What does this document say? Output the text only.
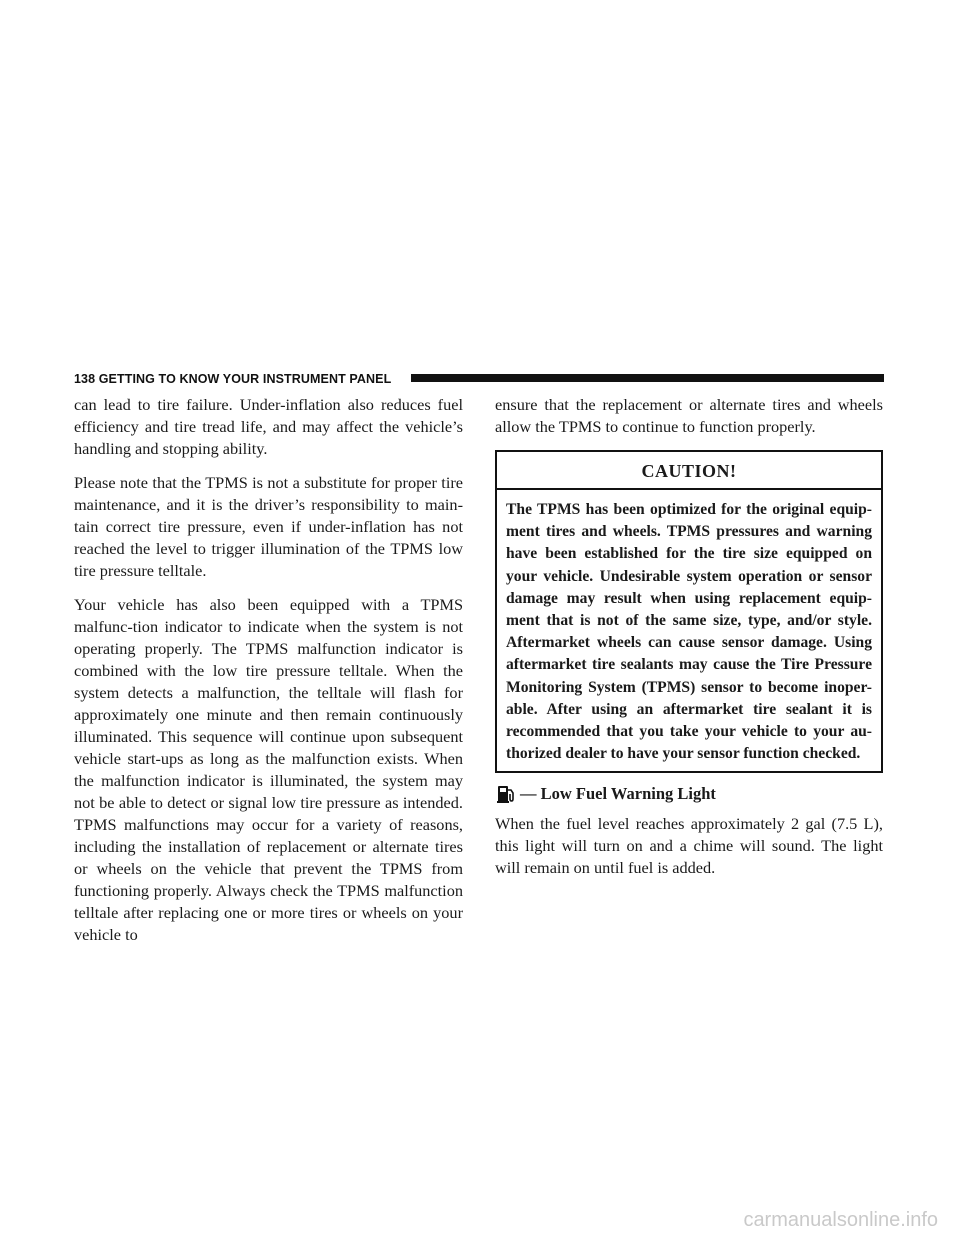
138 GETTING TO KNOW YOUR INSTRUMENT PANEL

can lead to tire failure. Under-inflation also reduces fuel efficiency and tire tread life, and may affect the vehicle’s handling and stopping ability.

Please note that the TPMS is not a substitute for proper tire maintenance, and it is the driver’s responsibility to main-tain correct tire pressure, even if under-inflation has not reached the level to trigger illumination of the TPMS low tire pressure telltale.

Your vehicle has also been equipped with a TPMS malfunc-tion indicator to indicate when the system is not operating properly. The TPMS malfunction indicator is combined with the low tire pressure telltale. When the system detects a malfunction, the telltale will flash for approximately one minute and then remain continuously illuminated. This sequence will continue upon subsequent vehicle start-ups as long as the malfunction exists. When the malfunction indicator is illuminated, the system may not be able to detect or signal low tire pressure as intended. TPMS malfunctions may occur for a variety of reasons, including the installation of replacement or alternate tires or wheels on the vehicle that prevent the TPMS from functioning properly. Always check the TPMS malfunction telltale after replacing one or more tires or wheels on your vehicle to

ensure that the replacement or alternate tires and wheels allow the TPMS to continue to function properly.

CAUTION!
The TPMS has been optimized for the original equip-ment tires and wheels. TPMS pressures and warning have been established for the tire size equipped on your vehicle. Undesirable system operation or sensor damage may result when using replacement equip-ment that is not of the same size, type, and/or style. Aftermarket wheels can cause sensor damage. Using aftermarket tire sealants may cause the Tire Pressure Monitoring System (TPMS) sensor to become inoper-able. After using an aftermarket tire sealant it is recommended that you take your vehicle to your au-thorized dealer to have your sensor function checked.
— Low Fuel Warning Light

When the fuel level reaches approximately 2 gal (7.5 L), this light will turn on and a chime will sound. The light will remain on until fuel is added.

carmanualsonline.info
